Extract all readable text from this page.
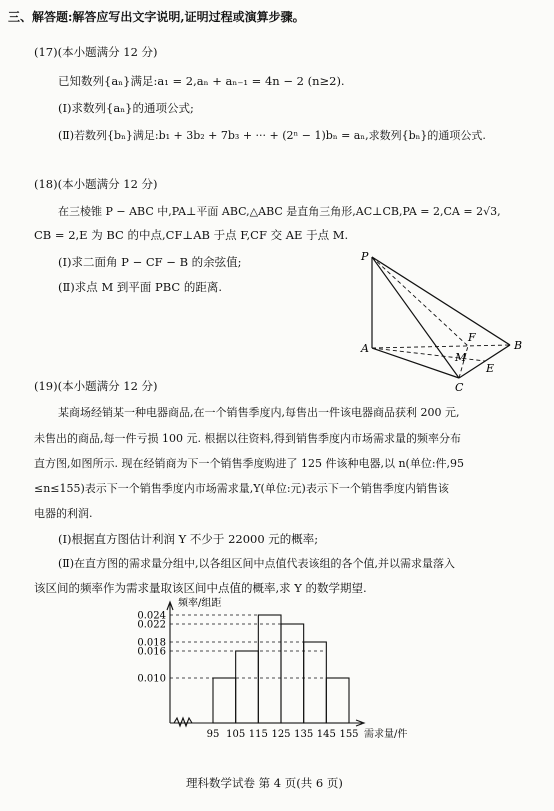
三、解答题:解答应写出文字说明,证明过程或演算步骤。
(17)(本小题满分 12 分)
已知数列{aₙ}满足:a₁ = 2,aₙ + aₙ₋₁ = 4n − 2 (n≥2).
(Ⅰ)求数列{aₙ}的通项公式;
(Ⅱ)若数列{bₙ}满足:b₁ + 3b₂ + 7b₃ + ··· + (2ⁿ − 1)bₙ = aₙ,求数列{bₙ}的通项公式.
(18)(本小题满分 12 分)
在三棱锥 P − ABC 中,PA⊥平面 ABC,△ABC 是直角三角形,AC⊥CB,PA = 2,CA = 2√3,
CB = 2,E 为 BC 的中点,CF⊥AB 于点 F,CF 交 AE 于点 M.
(Ⅰ)求二面角 P − CF − B 的余弦值;
(Ⅱ)求点 M 到平面 PBC 的距离.
P
A	B
C
E
F
M
(19)(本小题满分 12 分)
某商场经销某一种电器商品,在一个销售季度内,每售出一件该电器商品获利 200 元,
未售出的商品,每一件亏损 100 元. 根据以往资料,得到销售季度内市场需求量的频率分布
直方图,如图所示. 现在经销商为下一个销售季度购进了 125 件该种电器,以 n(单位:件,95
≤n≤155)表示下一个销售季度内市场需求量,Y(单位:元)表示下一个销售季度内销售该
电器的利润.
(Ⅰ)根据直方图估计利润 Y 不少于 22000 元的概率;
(Ⅱ)在直方图的需求量分组中,以各组区间中点值代表该组的各个值,并以需求量落入
该区间的频率作为需求量取该区间中点值的概率,求 Y 的数学期望.
频率/组距
需求量/件
0.010
0.016
0.018
0.022
0.024
95 105 115 125 135 145 155
理科数学试卷 第 4 页(共 6 页)
